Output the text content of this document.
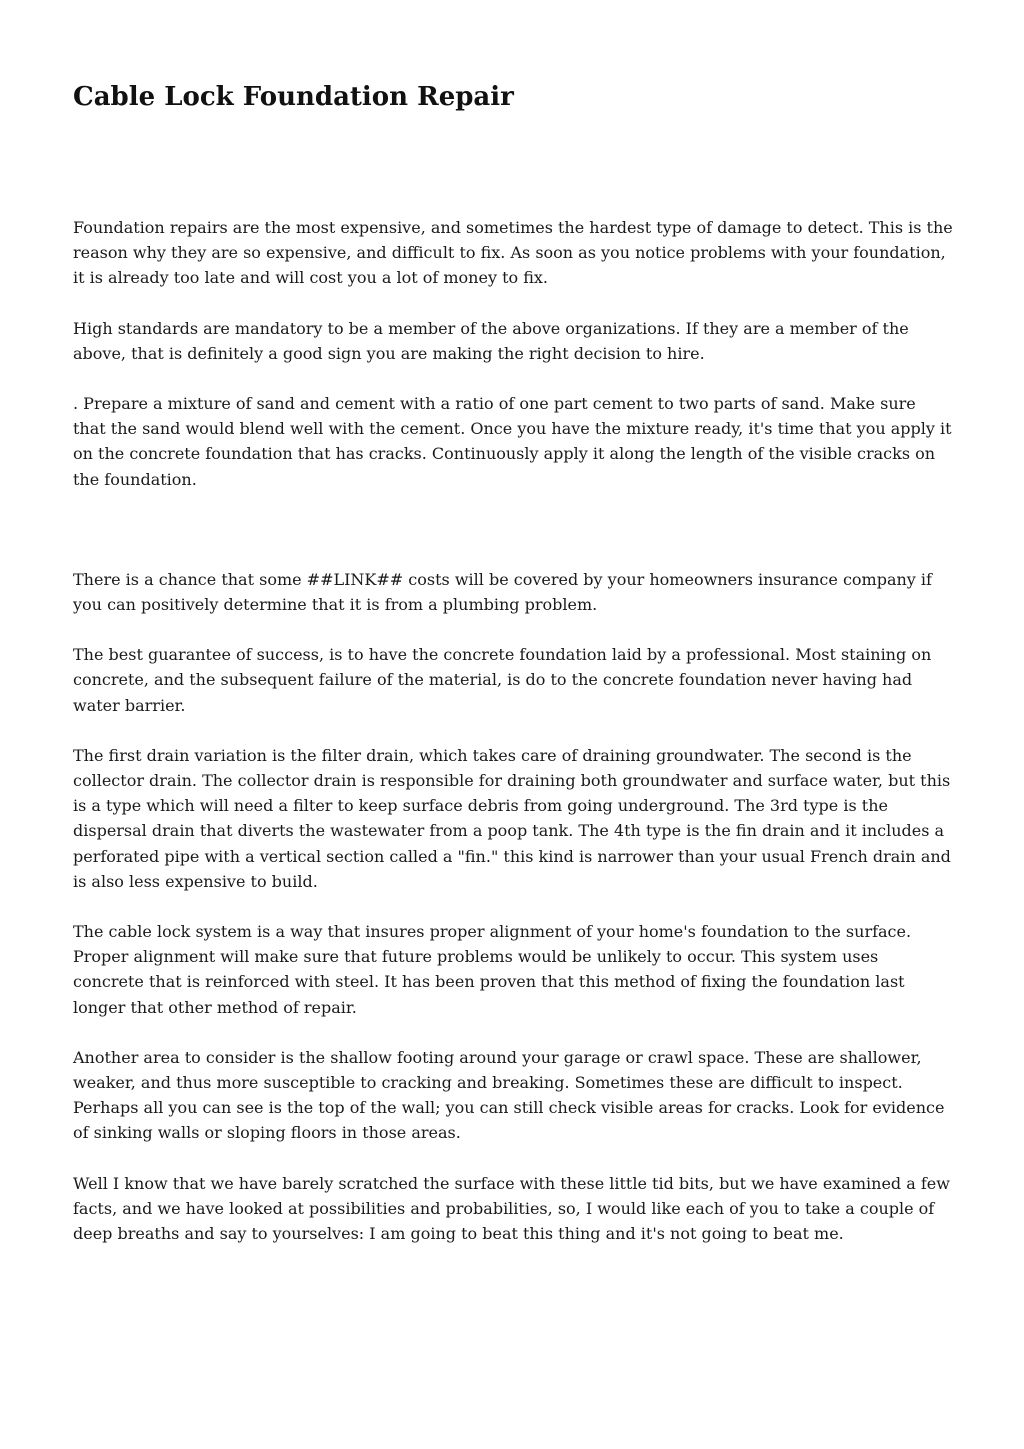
Cable Lock Foundation Repair

Foundation repairs are the most expensive, and sometimes the hardest type of damage to detect. This is the reason why they are so expensive, and difficult to fix. As soon as you notice problems with your foundation, it is already too late and will cost you a lot of money to fix.

High standards are mandatory to be a member of the above organizations. If they are a member of the above, that is definitely a good sign you are making the right decision to hire.

. Prepare a mixture of sand and cement with a ratio of one part cement to two parts of sand. Make sure that the sand would blend well with the cement. Once you have the mixture ready, it's time that you apply it on the concrete foundation that has cracks. Continuously apply it along the length of the visible cracks on the foundation.

There is a chance that some ##LINK## costs will be covered by your homeowners insurance company if you can positively determine that it is from a plumbing problem.

The best guarantee of success, is to have the concrete foundation laid by a professional. Most staining on concrete, and the subsequent failure of the material, is do to the concrete foundation never having had water barrier.

The first drain variation is the filter drain, which takes care of draining groundwater. The second is the collector drain. The collector drain is responsible for draining both groundwater and surface water, but this is a type which will need a filter to keep surface debris from going underground. The 3rd type is the dispersal drain that diverts the wastewater from a poop tank. The 4th type is the fin drain and it includes a perforated pipe with a vertical section called a "fin." this kind is narrower than your usual French drain and is also less expensive to build.

The cable lock system is a way that insures proper alignment of your home's foundation to the surface. Proper alignment will make sure that future problems would be unlikely to occur. This system uses concrete that is reinforced with steel. It has been proven that this method of fixing the foundation last longer that other method of repair.

Another area to consider is the shallow footing around your garage or crawl space. These are shallower, weaker, and thus more susceptible to cracking and breaking. Sometimes these are difficult to inspect. Perhaps all you can see is the top of the wall; you can still check visible areas for cracks. Look for evidence of sinking walls or sloping floors in those areas.

Well I know that we have barely scratched the surface with these little tid bits, but we have examined a few facts, and we have looked at possibilities and probabilities, so, I would like each of you to take a couple of deep breaths and say to yourselves: I am going to beat this thing and it's not going to beat me.
